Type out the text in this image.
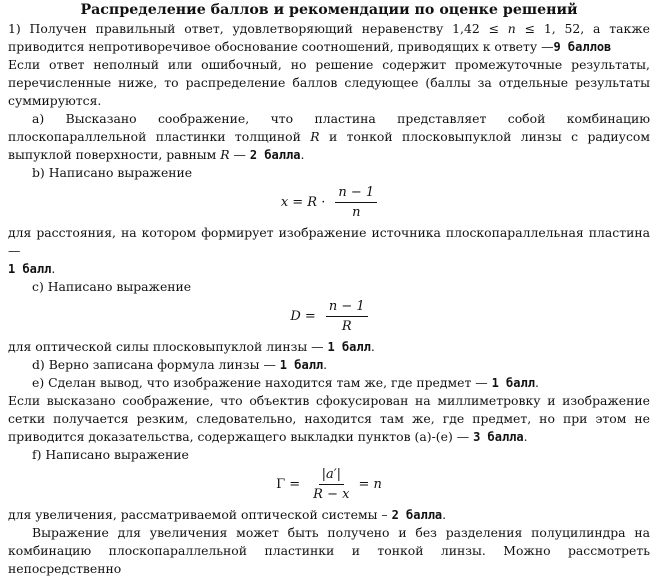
Распределение баллов и рекомендации по оценке решений

1) Получен правильный ответ, удовлетворяющий неравенству 1,42 ≤ n ≤ 1, 52, а также приводится непротиворечивое обоснование соотношений, приводящих к ответу —9 баллов

Если ответ неполный или ошибочный, но решение содержит промежуточные результаты, перечисленные ниже, то распределение баллов следующее (баллы за отдельные результаты суммируются.

a) Высказано соображение, что пластина представляет собой комбинацию плоскопараллельной пластинки толщиной R и тонкой плосковыпуклой линзы с радиусом выпуклой поверхности, равным R — 2 балла.

b) Написано выражение

$x = R \cdot \frac{n - 1}{n}$

для расстояния, на котором формирует изображение источника плоскопараллельная пластина —
1 балл.

c) Написано выражение

$D = \frac{n - 1}{R}$

для оптической силы плосковыпуклой линзы — 1 балл.

d) Верно записана формула линзы — 1 балл.

e) Сделан вывод, что изображение находится там же, где предмет — 1 балл.

Если высказано соображение, что объектив сфокусирован на миллиметровку и изображение сетки получается резким, следовательно, находится там же, где предмет, но при этом не приводится доказательства, содержащего выкладки пунктов (a)-(e) — 3 балла.

f) Написано выражение

$\Gamma = \frac{|a'|}{R - x} = n$

для увеличения, рассматриваемой оптической системы – 2 балла.

Выражение для увеличения может быть получено и без разделения полуцилиндра на комбинацию плоскопараллельной пластинки и тонкой линзы. Можно рассмотреть непосредственно
